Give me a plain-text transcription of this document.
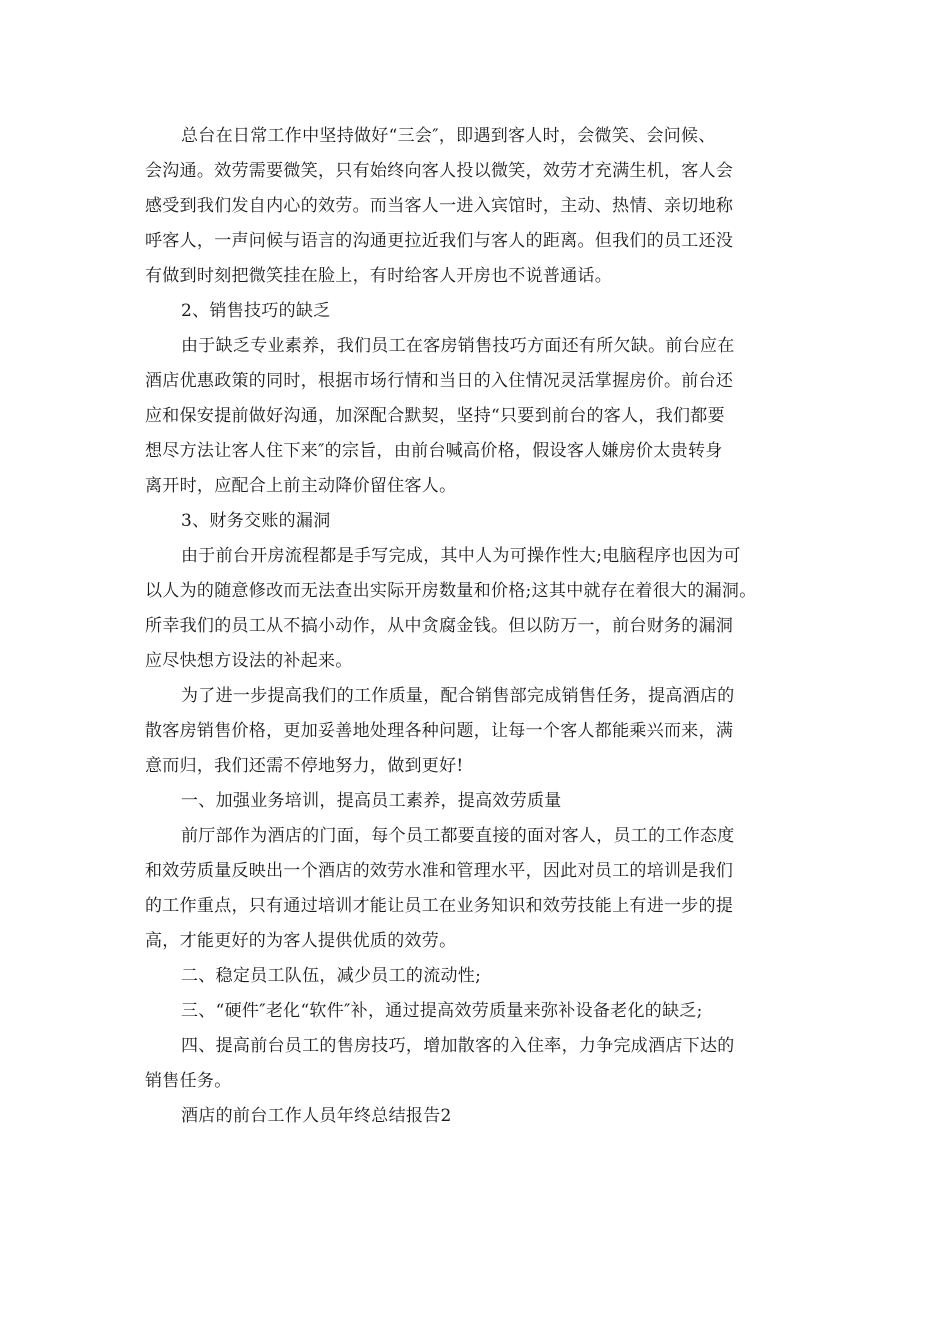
总台在日常工作中坚持做好“三会″，即遇到客人时，会微笑、会问候、
会沟通。效劳需要微笑，只有始终向客人投以微笑，效劳才充满生机，客人会
感受到我们发自内心的效劳。而当客人一进入宾馆时，主动、热情、亲切地称
呼客人，一声问候与语言的沟通更拉近我们与客人的距离。但我们的员工还没
有做到时刻把微笑挂在脸上，有时给客人开房也不说普通话。
2、销售技巧的缺乏
由于缺乏专业素养，我们员工在客房销售技巧方面还有所欠缺。前台应在
酒店优惠政策的同时，根据市场行情和当日的入住情况灵活掌握房价。前台还
应和保安提前做好沟通，加深配合默契，坚持“只要到前台的客人，我们都要
想尽方法让客人住下来″的宗旨，由前台喊高价格，假设客人嫌房价太贵转身
离开时，应配合上前主动降价留住客人。
3、财务交账的漏洞
由于前台开房流程都是手写完成，其中人为可操作性大;电脑程序也因为可
以人为的随意修改而无法查出实际开房数量和价格;这其中就存在着很大的漏洞。
所幸我们的员工从不搞小动作，从中贪腐金钱。但以防万一，前台财务的漏洞
应尽快想方设法的补起来。
为了进一步提高我们的工作质量，配合销售部完成销售任务，提高酒店的
散客房销售价格，更加妥善地处理各种问题，让每一个客人都能乘兴而来，满
意而归，我们还需不停地努力，做到更好!
一、加强业务培训，提高员工素养，提高效劳质量
前厅部作为酒店的门面，每个员工都要直接的面对客人，员工的工作态度
和效劳质量反映出一个酒店的效劳水准和管理水平，因此对员工的培训是我们
的工作重点，只有通过培训才能让员工在业务知识和效劳技能上有进一步的提
高，才能更好的为客人提供优质的效劳。
二、稳定员工队伍，减少员工的流动性;
三、“硬件″老化“软件″补，通过提高效劳质量来弥补设备老化的缺乏;
四、提高前台员工的售房技巧，增加散客的入住率，力争完成酒店下达的
销售任务。
酒店的前台工作人员年终总结报告2
